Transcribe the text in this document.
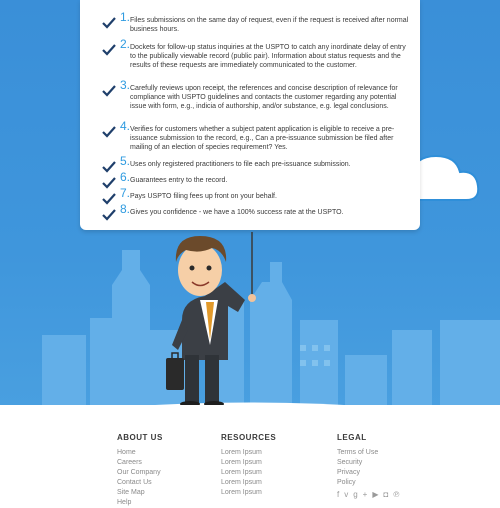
1. Files submissions on the same day of request, even if the request is received after normal business hours.
2. Dockets for follow-up status inquiries at the USPTO to catch any inordinate delay of entry to the publically viewable record (public pair). Information about status requests and the results of these requests are immediately communicated to the customer.
3. Carefully reviews upon receipt, the references and concise description of relevance for compliance with USPTO guidelines and contacts the customer regarding any potential issue with form, e.g., indicia of authorship, and/or substance, e.g. legal conclusions.
4. Verifies for customers whether a subject patent application is eligible to receive a pre-issuance submission to the record, e.g., Can a pre-issuance submission be filed after mailing of an election of species requirement? Yes.
5. Uses only registered practitioners to file each pre-issuance submission.
6. Guarantees entry to the record.
7. Pays USPTO filing fees up front on your behalf.
8. Gives you confidence - we have a 100% success rate at the USPTO.
ABOUT US
Home
Careers
Our Company
Contact Us
Site Map
Help
RESOURCES
Lorem Ipsum
Lorem Ipsum
Lorem Ipsum
Lorem Ipsum
Lorem Ipsum
LEGAL
Terms of Use
Security
Privacy
Policy
fvg+▶◘℗
